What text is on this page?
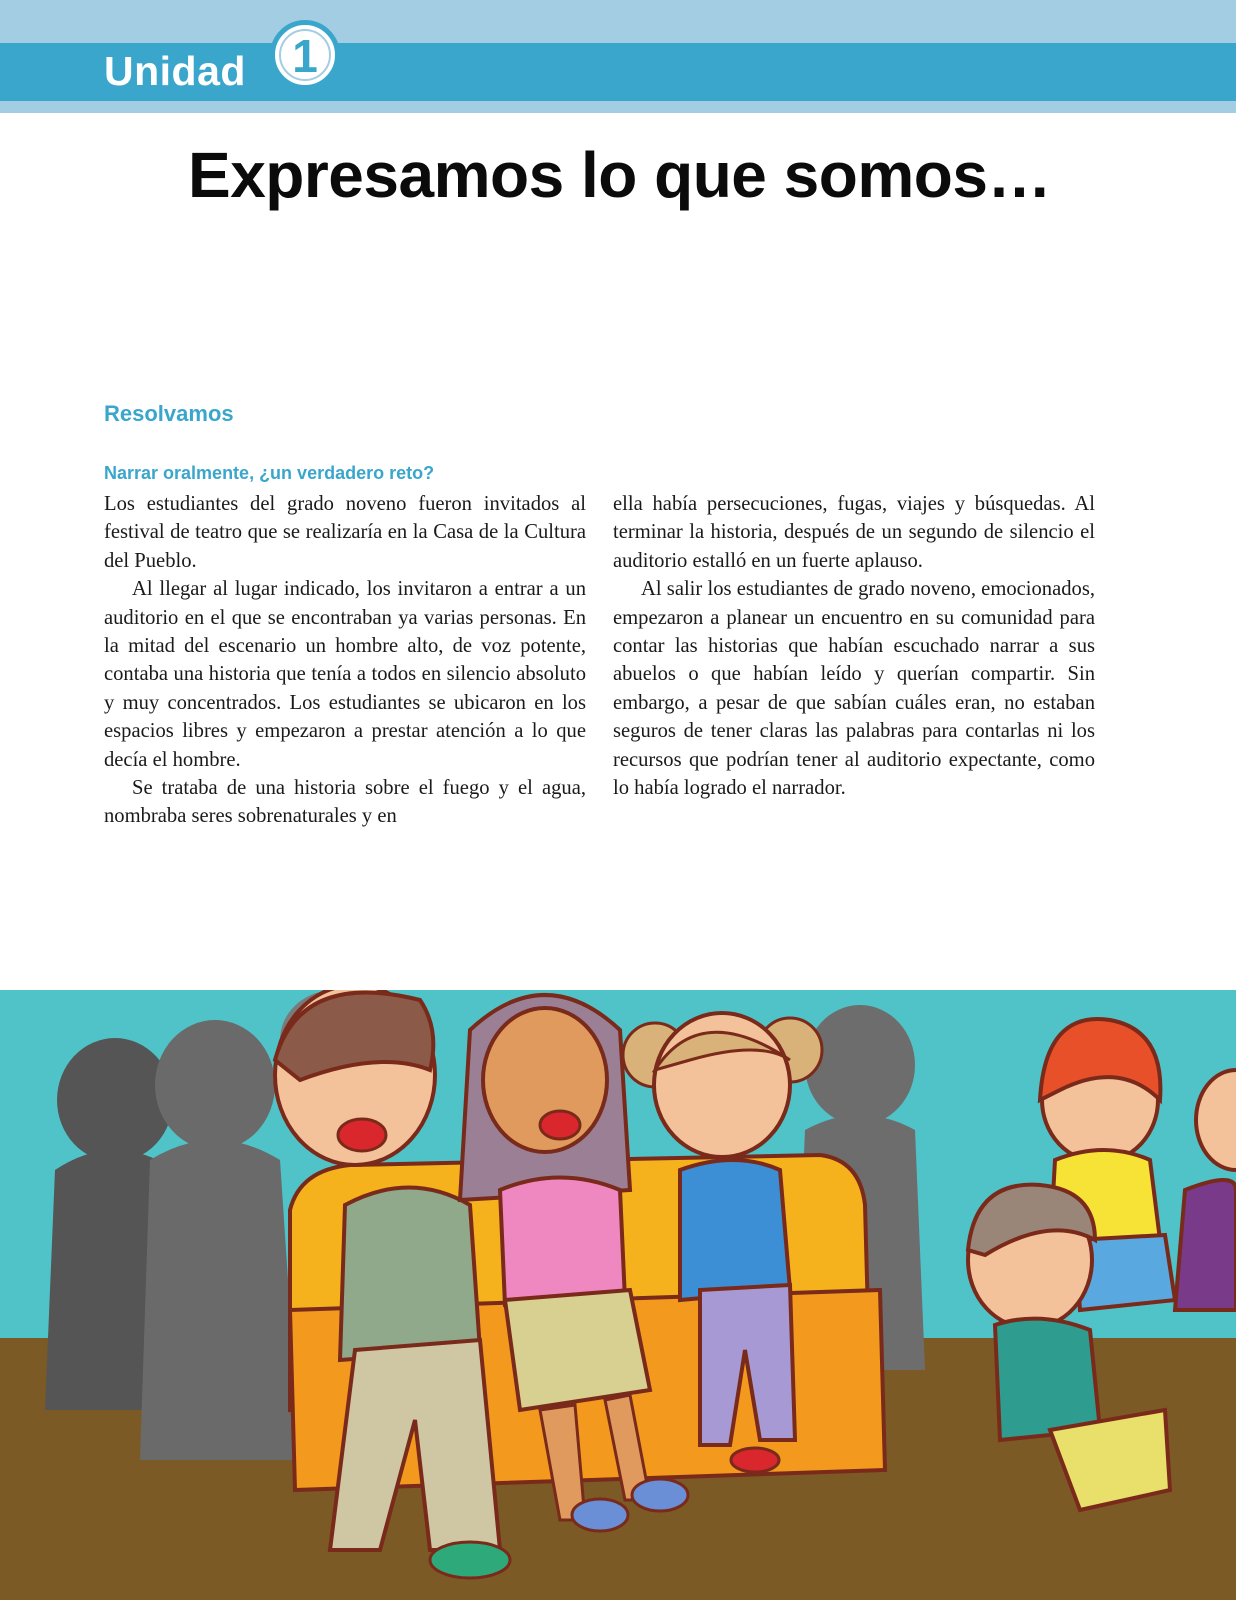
Unidad	1
Expresamos lo que somos…
Resolvamos
Narrar oralmente, ¿un verdadero reto?

Los estudiantes del grado noveno fueron invitados al festival de teatro que se realizaría en la Casa de la Cultura del Pueblo.

Al llegar al lugar indicado, los invitaron a entrar a un auditorio en el que se encontraban ya varias personas. En la mitad del escenario un hombre alto, de voz potente, contaba una historia que tenía a todos en silencio absoluto y muy concentrados. Los estudiantes se ubicaron en los espacios libres y empezaron a prestar atención a lo que decía el hombre.

Se trataba de una historia sobre el fuego y el agua, nombraba seres sobrenaturales y en

ella había persecuciones, fugas, viajes y búsquedas. Al terminar la historia, después de un segundo de silencio el auditorio estalló en un fuerte aplauso.

Al salir los estudiantes de grado noveno, emocionados, empezaron a planear un encuentro en su comunidad para contar las historias que habían escuchado narrar a sus abuelos o que habían leído y querían compartir. Sin embargo, a pesar de que sabían cuáles eran, no estaban seguros de tener claras las palabras para contarlas ni los recursos que podrían tener al auditorio expectante, como lo había logrado el narrador.
